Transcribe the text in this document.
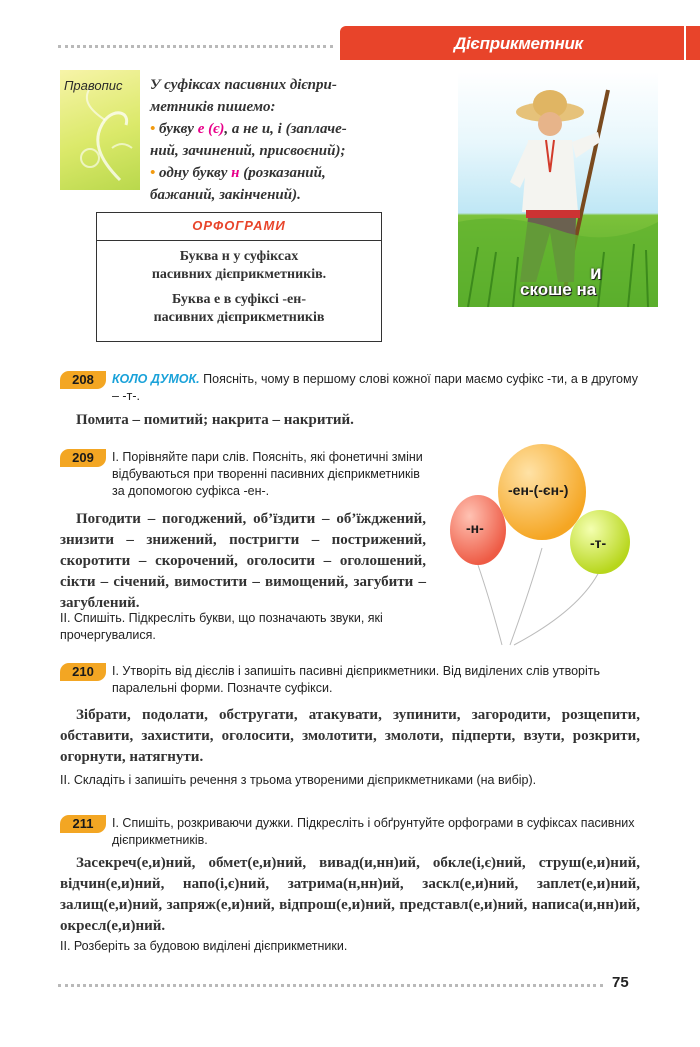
Дієприкметник
Правопис У суфіксах пасивних дієпри-
метників пишемо:
• букву е (є), а не и, і (заплаче-
ний, зачинений, присвоєний);
• одну букву н (розказаний,
бажаний, закінчений).
ОРФОГРАМИ
Буква н у суфіксах
пасивних дієприкметників.
Буква е в суфіксі -ен-
пасивних дієприкметників
скоше на
и
208	КОЛО ДУМОК. Поясніть, чому в першому слові кожної пари маємо суфікс -ти, а в другому – -т-.
Помита – помитий; накрита – накритий.
209	І. Порівняйте пари слів. Поясніть, які фонетичні зміни відбуваються при творенні пасивних дієприкметників за допомогою суфікса -ен-.
Погодити – погоджений, об’їздити – об’їжджений, знизити – знижений, постригти – пострижений, скоротити – скорочений, оголосити – оголошений, сікти – січений, вимостити – вимощений, загубити – загублений.
ІІ. Спишіть. Підкресліть букви, що позначають звуки, які прочергувалися.
-ен-(-єн-)
-н-
-т-
210	І. Утворіть від дієслів і запишіть пасивні дієприкметники. Від виділених слів утворіть паралельні форми. Позначте суфікси.
Зібрати, подолати, обстругати, атакувати, зупинити, загородити, розщепити, обставити, захистити, оголосити, змолотити, змолоти, підперти, взути, розкрити, огорнути, натягнути.
ІІ. Складіть і запишіть речення з трьома утвореними дієприкметниками (на вибір).
211	І. Спишіть, розкриваючи дужки. Підкресліть і обґрунтуйте орфограми в суфіксах пасивних дієприкметників.
Засекреч(е,и)ний, обмет(е,и)ний, вивад(и,нн)ий, обкле(і,є)ний, струш(е,и)ний, відчин(е,и)ний, напо(і,є)ний, затрима(н,нн)ий, заскл(е,и)ний, заплет(е,и)ний, залищ(е,и)ний, запряж(е,и)ний, відпрош(е,и)ний, представл(е,и)ний, написа(и,нн)ий, окресл(е,и)ний.
ІІ. Розберіть за будовою виділені дієприкметники.
75
